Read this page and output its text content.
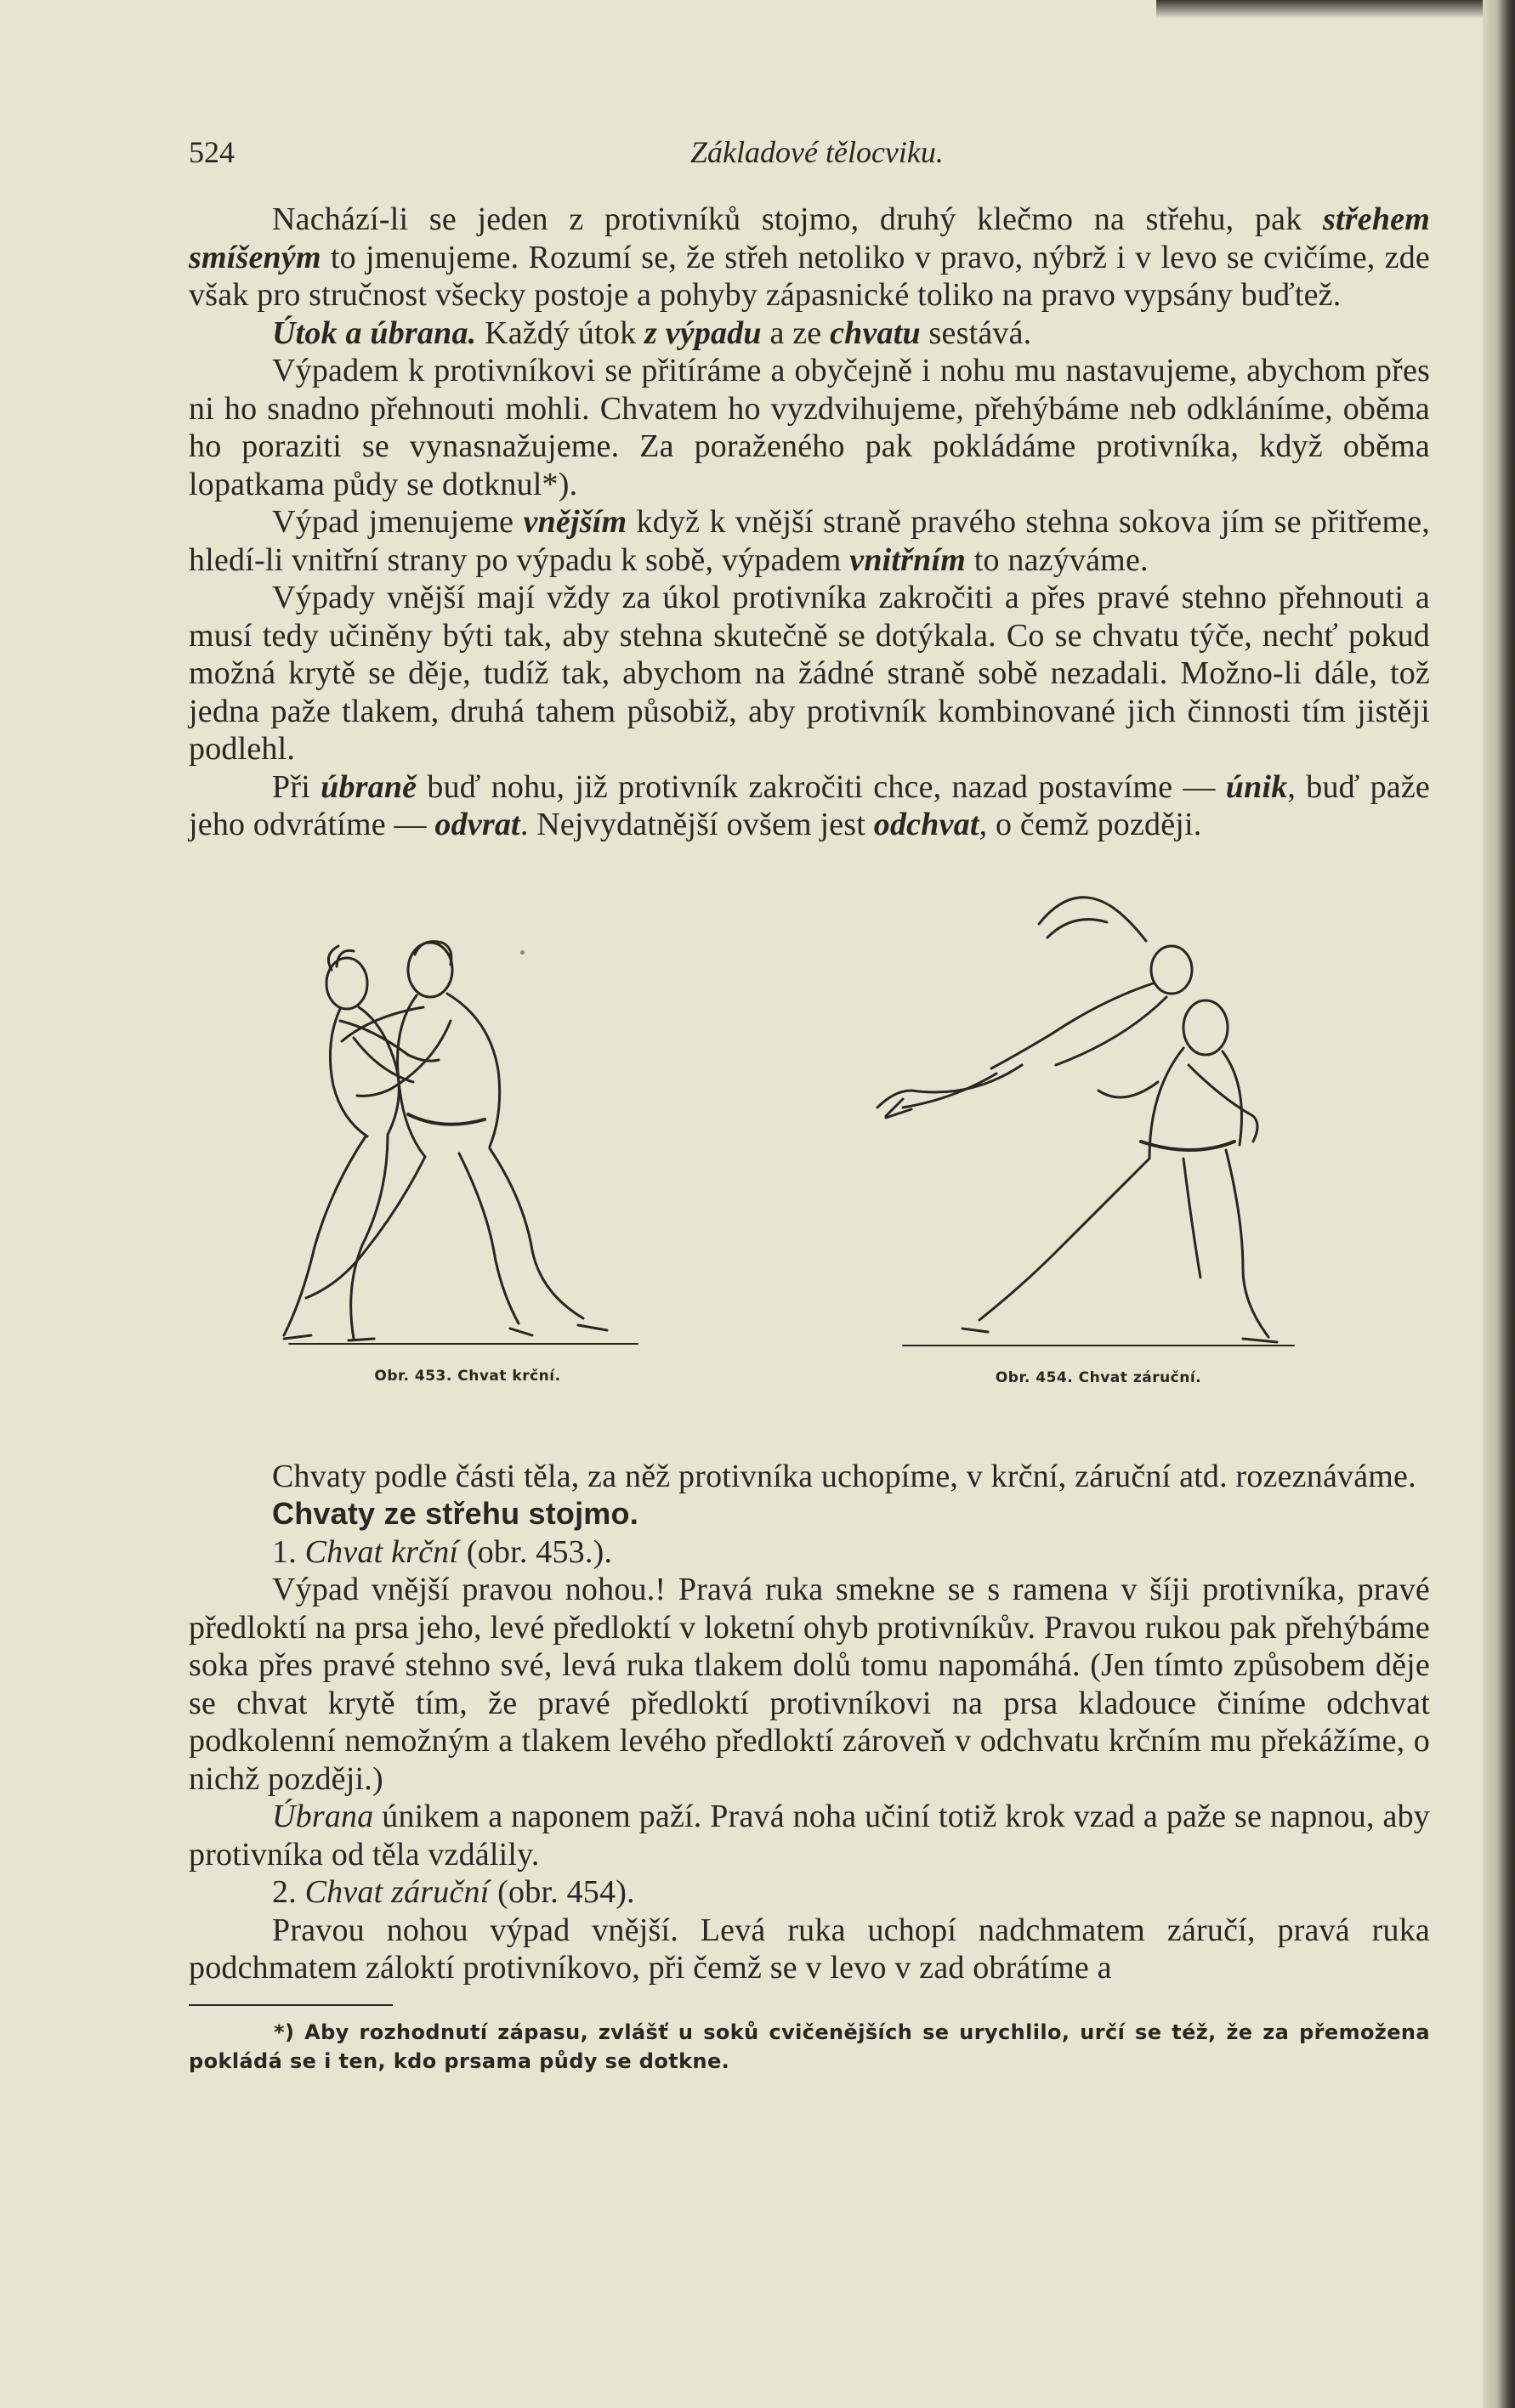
524	Základové tělocviku.

Nachází-li se jeden z protivníků stojmo, druhý klečmo na střehu, pak střehem smíšeným to jmenujeme. Rozumí se, že střeh netoliko v pravo, nýbrž i v levo se cvičíme, zde však pro stručnost všecky postoje a pohyby zápasnické toliko na pravo vypsány buďtež.

Útok a úbrana. Každý útok z výpadu a ze chvatu sestává.

Výpadem k protivníkovi se přitíráme a obyčejně i nohu mu nastavujeme, abychom přes ni ho snadno přehnouti mohli. Chvatem ho vyzdvihujeme, přehýbáme neb odkláníme, oběma ho poraziti se vynasnažujeme. Za poraženého pak pokládáme protivníka, když oběma lopatkama půdy se dotknul*).

Výpad jmenujeme vnějším když k vnější straně pravého stehna sokova jím se přitřeme, hledí-li vnitřní strany po výpadu k sobě, výpadem vnitřním to nazýváme.

Výpady vnější mají vždy za úkol protivníka zakročiti a přes pravé stehno přehnouti a musí tedy učiněny býti tak, aby stehna skutečně se dotýkala. Co se chvatu týče, nechť pokud možná krytě se děje, tudíž tak, abychom na žádné straně sobě nezadali. Možno-li dále, tož jedna paže tlakem, druhá tahem působiž, aby protivník kombinované jich činnosti tím jistěji podlehl.

Při úbraně buď nohu, již protivník zakročiti chce, nazad postavíme — únik, buď paže jeho odvrátíme — odvrat. Nejvydatnější ovšem jest odchvat, o čemž později.

Obr. 453. Chvat krční.	Obr. 454. Chvat záruční.

Chvaty podle části těla, za něž protivníka uchopíme, v krční, záruční atd. rozeznáváme.

Chvaty ze střehu stojmo.

1. Chvat krční (obr. 453.).

Výpad vnější pravou nohou.! Pravá ruka smekne se s ramena v šíji protivníka, pravé předloktí na prsa jeho, levé předloktí v loketní ohyb protivníkův. Pravou rukou pak přehýbáme soka přes pravé stehno své, levá ruka tlakem dolů tomu napomáhá. (Jen tímto způsobem děje se chvat krytě tím, že pravé předloktí protivníkovi na prsa kladouce činíme odchvat podkolenní nemožným a tlakem levého předloktí zároveň v odchvatu krčním mu překážíme, o nichž později.)

Úbrana únikem a naponem paží. Pravá noha učiní totiž krok vzad a paže se napnou, aby protivníka od těla vzdálily.

2. Chvat záruční (obr. 454).

Pravou nohou výpad vnější. Levá ruka uchopí nadchmatem záručí, pravá ruka podchmatem záloktí protivníkovo, při čemž se v levo v zad obrátíme a

*) Aby rozhodnutí zápasu, zvlášť u soků cvičenějších se urychlilo, určí se též, že za přemožena pokládá se i ten, kdo prsama půdy se dotkne.
